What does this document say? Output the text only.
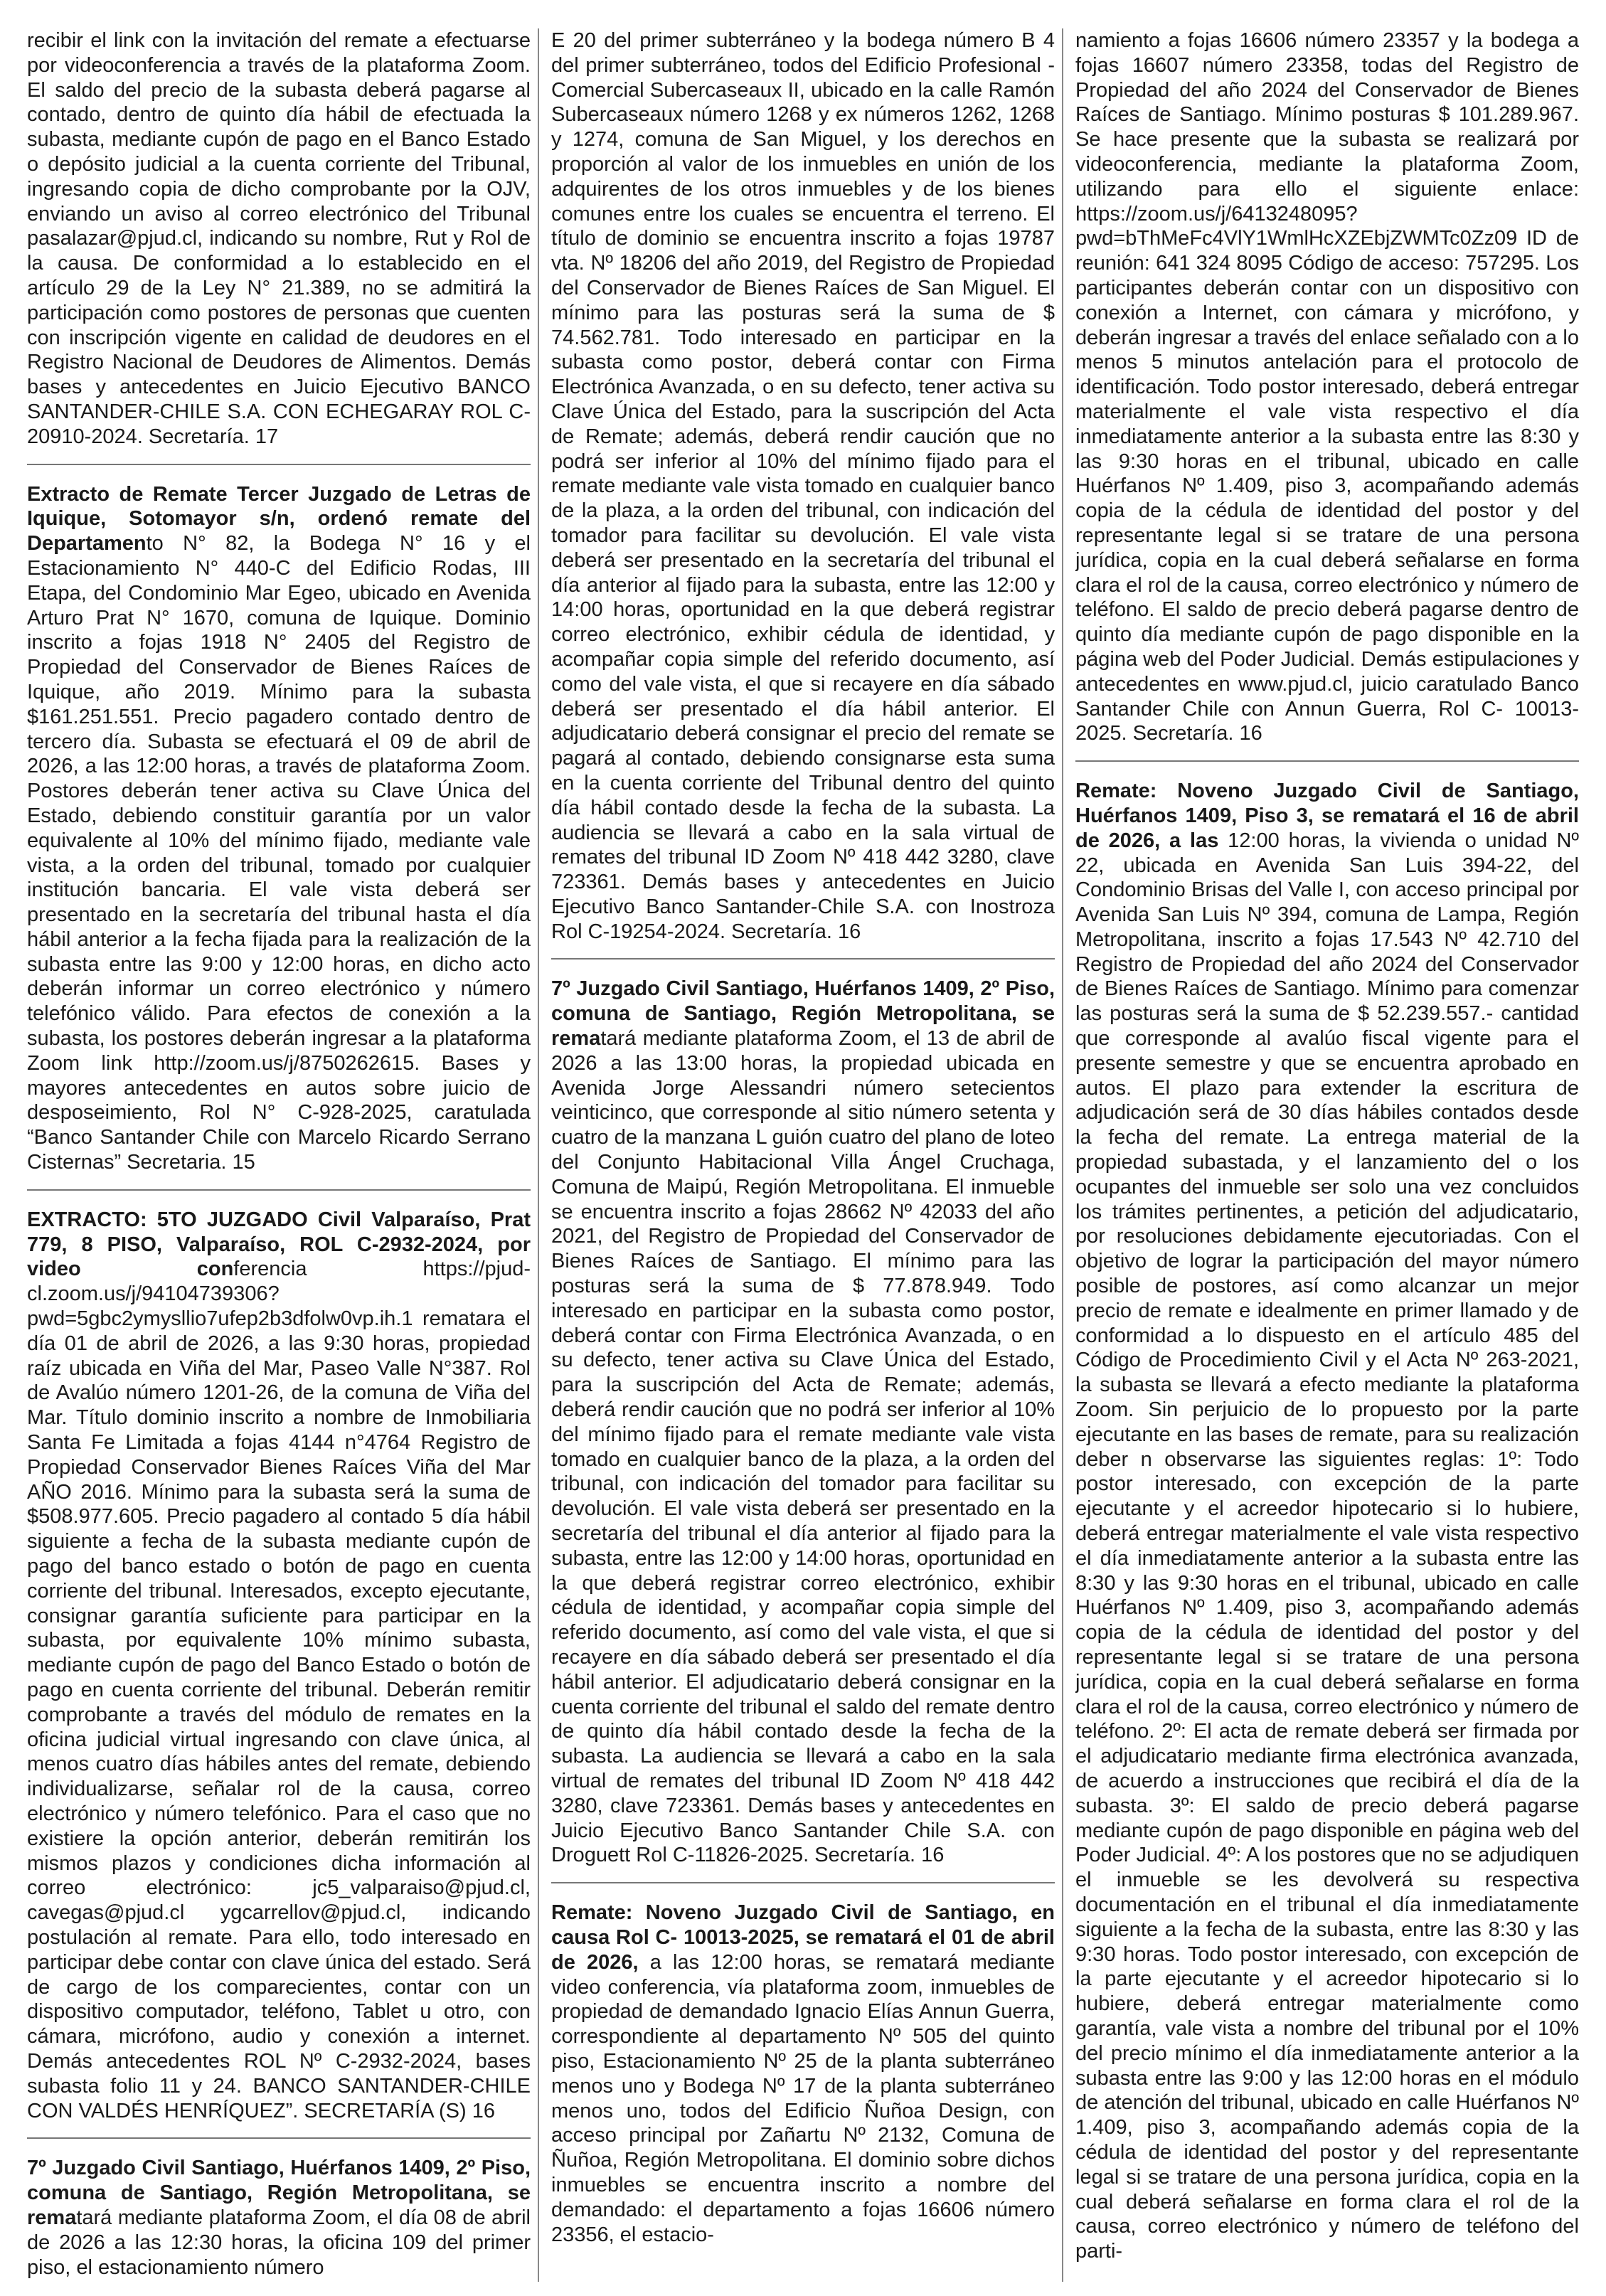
recibir el link con la invitación del remate a efectuarse por videoconferencia a través de la plataforma Zoom. El saldo del precio de la subasta deberá pagarse al contado, dentro de quinto día hábil de efectuada la subasta, mediante cupón de pago en el Banco Estado o depósito judicial a la cuenta corriente del Tribunal, ingresando copia de dicho comprobante por la OJV, enviando un aviso al correo electrónico del Tribunal pasalazar@pjud.cl, indicando su nombre, Rut y Rol de la causa. De conformidad a lo establecido en el artículo 29 de la Ley N° 21.389, no se admitirá la participación como postores de personas que cuenten con inscripción vigente en calidad de deudores en el Registro Nacional de Deudores de Alimentos. Demás bases y antecedentes en Juicio Ejecutivo BANCO SANTANDER-CHILE S.A. CON ECHEGARAY ROL C-20910-2024. Secretaría. 17

Extracto de Remate Tercer Juzgado de Letras de Iquique, Sotomayor s/n, ordenó remate del Departamento N° 82, la Bodega N° 16 y el Estacionamiento N° 440-C del Edificio Rodas, III Etapa, del Condominio Mar Egeo, ubicado en Avenida Arturo Prat N° 1670, comuna de Iquique. Dominio inscrito a fojas 1918 N° 2405 del Registro de Propiedad del Conservador de Bienes Raíces de Iquique, año 2019. Mínimo para la subasta $161.251.551. Precio pagadero contado dentro de tercero día. Subasta se efectuará el 09 de abril de 2026, a las 12:00 horas, a través de plataforma Zoom. Postores deberán tener activa su Clave Única del Estado, debiendo constituir garantía por un valor equivalente al 10% del mínimo fijado, mediante vale vista, a la orden del tribunal, tomado por cualquier institución bancaria. El vale vista deberá ser presentado en la secretaría del tribunal hasta el día hábil anterior a la fecha fijada para la realización de la subasta entre las 9:00 y 12:00 horas, en dicho acto deberán informar un correo electrónico y número telefónico válido. Para efectos de conexión a la subasta, los postores deberán ingresar a la plataforma Zoom link http://zoom.us/j/8750262615. Bases y mayores antecedentes en autos sobre juicio de desposeimiento, Rol N° C-928-2025, caratulada “Banco Santander Chile con Marcelo Ricardo Serrano Cisternas” Secretaria. 15

EXTRACTO: 5TO JUZGADO Civil Valparaíso, Prat 779, 8 PISO, Valparaíso, ROL C-2932-2024, por video conferencia https://pjud-cl.zoom.us/j/94104739306?pwd=5gbc2ymysllio7ufep2b3dfolw0vp.ih.1 rematara el día 01 de abril de 2026, a las 9:30 horas, propiedad raíz ubicada en Viña del Mar, Paseo Valle N°387. Rol de Avalúo número 1201-26, de la comuna de Viña del Mar. Título dominio inscrito a nombre de Inmobiliaria Santa Fe Limitada a fojas 4144 n°4764 Registro de Propiedad Conservador Bienes Raíces Viña del Mar AÑO 2016. Mínimo para la subasta será la suma de $508.977.605. Precio pagadero al contado 5 día hábil siguiente a fecha de la subasta mediante cupón de pago del banco estado o botón de pago en cuenta corriente del tribunal. Interesados, excepto ejecutante, consignar garantía suficiente para participar en la subasta, por equivalente 10% mínimo subasta, mediante cupón de pago del Banco Estado o botón de pago en cuenta corriente del tribunal. Deberán remitir comprobante a través del módulo de remates en la oficina judicial virtual ingresando con clave única, al menos cuatro días hábiles antes del remate, debiendo individualizarse, señalar rol de la causa, correo electrónico y número telefónico. Para el caso que no existiere la opción anterior, deberán remitirán los mismos plazos y condiciones dicha información al correo electrónico: jc5_valparaiso@pjud.cl, cavegas@pjud.cl ygcarrellov@pjud.cl, indicando postulación al remate. Para ello, todo interesado en participar debe contar con clave única del estado. Será de cargo de los comparecientes, contar con un dispositivo computador, teléfono, Tablet u otro, con cámara, micrófono, audio y conexión a internet. Demás antecedentes ROL Nº C-2932-2024, bases subasta folio 11 y 24. BANCO SANTANDER-CHILE CON VALDÉS HENRÍQUEZ”. SECRETARÍA (S) 16

7º Juzgado Civil Santiago, Huérfanos 1409, 2º Piso, comuna de Santiago, Región Metropolitana, se rematará mediante plataforma Zoom, el día 08 de abril de 2026 a las 12:30 horas, la oficina 109 del primer piso, el estacionamiento número

E 20 del primer subterráneo y la bodega número B 4 del primer subterráneo, todos del Edificio Profesional - Comercial Subercaseaux II, ubicado en la calle Ramón Subercaseaux número 1268 y ex números 1262, 1268 y 1274, comuna de San Miguel, y los derechos en proporción al valor de los inmuebles en unión de los adquirentes de los otros inmuebles y de los bienes comunes entre los cuales se encuentra el terreno. El título de dominio se encuentra inscrito a fojas 19787 vta. Nº 18206 del año 2019, del Registro de Propiedad del Conservador de Bienes Raíces de San Miguel. El mínimo para las posturas será la suma de $ 74.562.781. Todo interesado en participar en la subasta como postor, deberá contar con Firma Electrónica Avanzada, o en su defecto, tener activa su Clave Única del Estado, para la suscripción del Acta de Remate; además, deberá rendir caución que no podrá ser inferior al 10% del mínimo fijado para el remate mediante vale vista tomado en cualquier banco de la plaza, a la orden del tribunal, con indicación del tomador para facilitar su devolución. El vale vista deberá ser presentado en la secretaría del tribunal el día anterior al fijado para la subasta, entre las 12:00 y 14:00 horas, oportunidad en la que deberá registrar correo electrónico, exhibir cédula de identidad, y acompañar copia simple del referido documento, así como del vale vista, el que si recayere en día sábado deberá ser presentado el día hábil anterior. El adjudicatario deberá consignar el precio del remate se pagará al contado, debiendo consignarse esta suma en la cuenta corriente del Tribunal dentro del quinto día hábil contado desde la fecha de la subasta. La audiencia se llevará a cabo en la sala virtual de remates del tribunal ID Zoom Nº 418 442 3280, clave 723361. Demás bases y antecedentes en Juicio Ejecutivo Banco Santander-Chile S.A. con Inostroza Rol C-19254-2024. Secretaría. 16

7º Juzgado Civil Santiago, Huérfanos 1409, 2º Piso, comuna de Santiago, Región Metropolitana, se rematará mediante plataforma Zoom, el 13 de abril de 2026 a las 13:00 horas, la propiedad ubicada en Avenida Jorge Alessandri número setecientos veinticinco, que corresponde al sitio número setenta y cuatro de la manzana L guión cuatro del plano de loteo del Conjunto Habitacional Villa Ángel Cruchaga, Comuna de Maipú, Región Metropolitana. El inmueble se encuentra inscrito a fojas 28662 Nº 42033 del año 2021, del Registro de Propiedad del Conservador de Bienes Raíces de Santiago. El mínimo para las posturas será la suma de $ 77.878.949. Todo interesado en participar en la subasta como postor, deberá contar con Firma Electrónica Avanzada, o en su defecto, tener activa su Clave Única del Estado, para la suscripción del Acta de Remate; además, deberá rendir caución que no podrá ser inferior al 10% del mínimo fijado para el remate mediante vale vista tomado en cualquier banco de la plaza, a la orden del tribunal, con indicación del tomador para facilitar su devolución. El vale vista deberá ser presentado en la secretaría del tribunal el día anterior al fijado para la subasta, entre las 12:00 y 14:00 horas, oportunidad en la que deberá registrar correo electrónico, exhibir cédula de identidad, y acompañar copia simple del referido documento, así como del vale vista, el que si recayere en día sábado deberá ser presentado el día hábil anterior. El adjudicatario deberá consignar en la cuenta corriente del tribunal el saldo del remate dentro de quinto día hábil contado desde la fecha de la subasta. La audiencia se llevará a cabo en la sala virtual de remates del tribunal ID Zoom Nº 418 442 3280, clave 723361. Demás bases y antecedentes en Juicio Ejecutivo Banco Santander Chile S.A. con Droguett Rol C-11826-2025. Secretaría. 16

Remate: Noveno Juzgado Civil de Santiago, en causa Rol C- 10013-2025, se rematará el 01 de abril de 2026, a las 12:00 horas, se rematará mediante video conferencia, vía plataforma zoom, inmuebles de propiedad de demandado Ignacio Elías Annun Guerra, correspondiente al departamento Nº 505 del quinto piso, Estacionamiento Nº 25 de la planta subterráneo menos uno y Bodega Nº 17 de la planta subterráneo menos uno, todos del Edificio Ñuñoa Design, con acceso principal por Zañartu Nº 2132, Comuna de Ñuñoa, Región Metropolitana. El dominio sobre dichos inmuebles se encuentra inscrito a nombre del demandado: el departamento a fojas 16606 número 23356, el estacio-

namiento a fojas 16606 número 23357 y la bodega a fojas 16607 número 23358, todas del Registro de Propiedad del año 2024 del Conservador de Bienes Raíces de Santiago. Mínimo posturas $ 101.289.967. Se hace presente que la subasta se realizará por videoconferencia, mediante la plataforma Zoom, utilizando para ello el siguiente enlace: https://zoom.us/j/6413248095? pwd=bThMeFc4VlY1WmlHcXZEbjZWMTc0Zz09 ID de reunión: 641 324 8095 Código de acceso: 757295. Los participantes deberán contar con un dispositivo con conexión a Internet, con cámara y micrófono, y deberán ingresar a través del enlace señalado con a lo menos 5 minutos antelación para el protocolo de identificación. Todo postor interesado, deberá entregar materialmente el vale vista respectivo el día inmediatamente anterior a la subasta entre las 8:30 y las 9:30 horas en el tribunal, ubicado en calle Huérfanos Nº 1.409, piso 3, acompañando además copia de la cédula de identidad del postor y del representante legal si se tratare de una persona jurídica, copia en la cual deberá señalarse en forma clara el rol de la causa, correo electrónico y número de teléfono. El saldo de precio deberá pagarse dentro de quinto día mediante cupón de pago disponible en la página web del Poder Judicial. Demás estipulaciones y antecedentes en www.pjud.cl, juicio caratulado Banco Santander Chile con Annun Guerra, Rol C- 10013-2025. Secretaría. 16

Remate: Noveno Juzgado Civil de Santiago, Huérfanos 1409, Piso 3, se rematará el 16 de abril de 2026, a las 12:00 horas, la vivienda o unidad Nº 22, ubicada en Avenida San Luis 394-22, del Condominio Brisas del Valle I, con acceso principal por Avenida San Luis Nº 394, comuna de Lampa, Región Metropolitana, inscrito a fojas 17.543 Nº 42.710 del Registro de Propiedad del año 2024 del Conservador de Bienes Raíces de Santiago. Mínimo para comenzar las posturas será la suma de $ 52.239.557.- cantidad que corresponde al avalúo fiscal vigente para el presente semestre y que se encuentra aprobado en autos. El plazo para extender la escritura de adjudicación será de 30 días hábiles contados desde la fecha del remate. La entrega material de la propiedad subastada, y el lanzamiento del o los ocupantes del inmueble ser solo una vez concluidos los trámites pertinentes, a petición del adjudicatario, por resoluciones debidamente ejecutoriadas. Con el objetivo de lograr la participación del mayor número posible de postores, así como alcanzar un mejor precio de remate e idealmente en primer llamado y de conformidad a lo dispuesto en el artículo 485 del Código de Procedimiento Civil y el Acta Nº 263-2021, la subasta se llevará a efecto mediante la plataforma Zoom. Sin perjuicio de lo propuesto por la parte ejecutante en las bases de remate, para su realización deber n observarse las siguientes reglas: 1º: Todo postor interesado, con excepción de la parte ejecutante y el acreedor hipotecario si lo hubiere, deberá entregar materialmente el vale vista respectivo el día inmediatamente anterior a la subasta entre las 8:30 y las 9:30 horas en el tribunal, ubicado en calle Huérfanos Nº 1.409, piso 3, acompañando además copia de la cédula de identidad del postor y del representante legal si se tratare de una persona jurídica, copia en la cual deberá señalarse en forma clara el rol de la causa, correo electrónico y número de teléfono. 2º: El acta de remate deberá ser firmada por el adjudicatario mediante firma electrónica avanzada, de acuerdo a instrucciones que recibirá el día de la subasta. 3º: El saldo de precio deberá pagarse mediante cupón de pago disponible en página web del Poder Judicial. 4º: A los postores que no se adjudiquen el inmueble se les devolverá su respectiva documentación en el tribunal el día inmediatamente siguiente a la fecha de la subasta, entre las 8:30 y las 9:30 horas. Todo postor interesado, con excepción de la parte ejecutante y el acreedor hipotecario si lo hubiere, deberá entregar materialmente como garantía, vale vista a nombre del tribunal por el 10% del precio mínimo el día inmediatamente anterior a la subasta entre las 9:00 y las 12:00 horas en el módulo de atención del tribunal, ubicado en calle Huérfanos Nº 1.409, piso 3, acompañando además copia de la cédula de identidad del postor y del representante legal si se tratare de una persona jurídica, copia en la cual deberá señalarse en forma clara el rol de la causa, correo electrónico y número de teléfono del parti-
